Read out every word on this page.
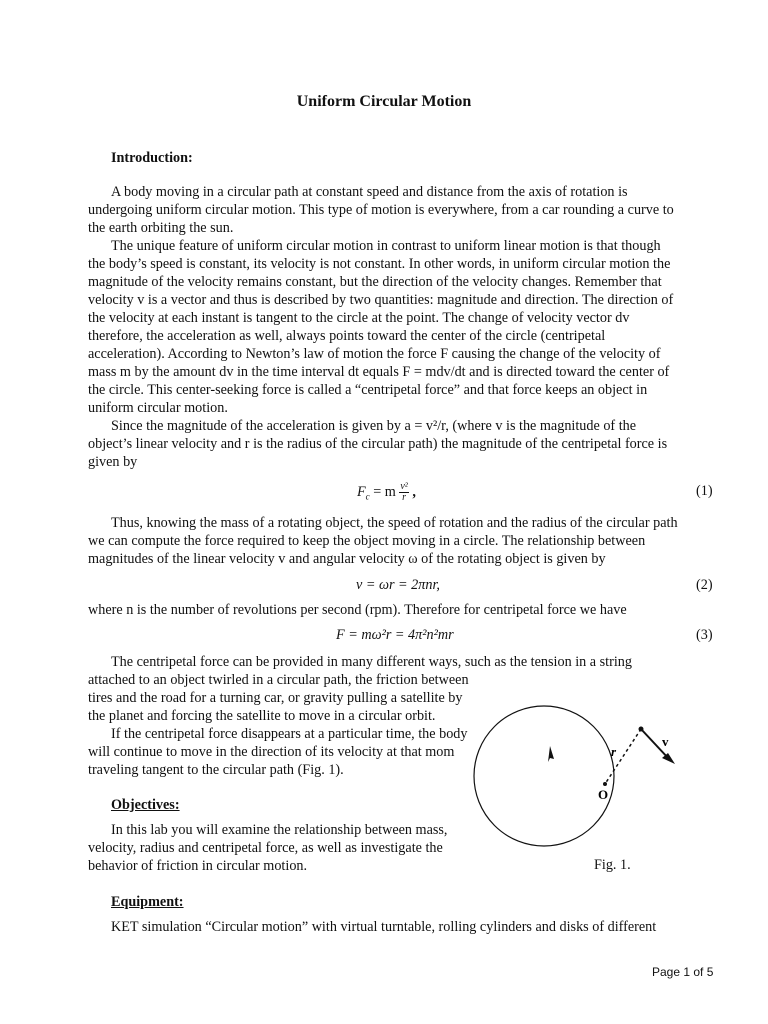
Uniform Circular Motion
Introduction:
A body moving in a circular path at constant speed and distance from the axis of rotation is
undergoing uniform circular motion. This type of motion is everywhere, from a car rounding a curve to
the earth orbiting the sun.
The unique feature of uniform circular motion in contrast to uniform linear motion is that though
the body’s speed is constant, its velocity is not constant. In other words, in uniform circular motion the
magnitude of the velocity remains constant, but the direction of the velocity changes. Remember that
velocity v is a vector and thus is described by two quantities: magnitude and direction. The direction of
the velocity at each instant is tangent to the circle at the point. The change of velocity vector dv
therefore, the acceleration as well, always points toward the center of the circle (centripetal
acceleration). According to Newton’s law of motion the force F causing the change of the velocity of
mass m by the amount dv in the time interval dt equals F = mdv/dt and is directed toward the center of
the circle. This center-seeking force is called a “centripetal force” and that force keeps an object in
uniform circular motion.
Since the magnitude of the acceleration is given by a = v²/r, (where v is the magnitude of the
object’s linear velocity and r is the radius of the circular path) the magnitude of the centripetal force is
given by
$F_c = m \frac{\text{v²}}{r}$ ,	(1)
Thus, knowing the mass of a rotating object, the speed of rotation and the radius of the circular path
we can compute the force required to keep the object moving in a circle. The relationship between
magnitudes of the linear velocity v and angular velocity ω of the rotating object is given by
v = ωr = 2πnr,	(2)
where n is the number of revolutions per second (rpm). Therefore for centripetal force we have
F = mω²r = 4π²n²mr	(3)
The centripetal force can be provided in many different ways, such as the tension in a string
attached to an object twirled in a circular path, the friction between
tires and the road for a turning car, or gravity pulling a satellite by
the planet and forcing the satellite to move in a circular orbit.
If the centripetal force disappears at a particular time, the body
will continue to move in the direction of its velocity at that mom
traveling tangent to the circular path (Fig. 1).
r
v
O
Objectives:
In this lab you will examine the relationship between mass,
velocity, radius and centripetal force, as well as investigate the
behavior of friction in circular motion.	Fig. 1.
Equipment:
KET simulation “Circular motion” with virtual turntable, rolling cylinders and disks of different
Page 1 of 5
